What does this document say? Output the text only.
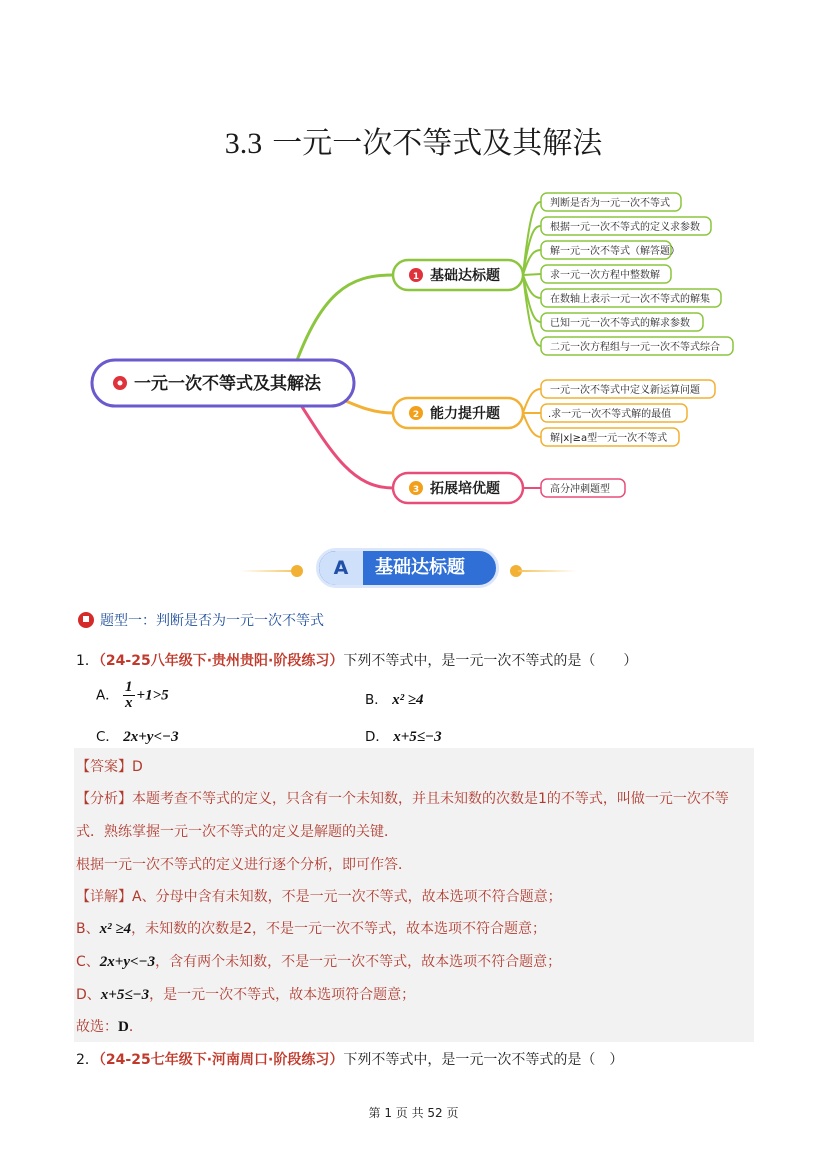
3.3 一元一次不等式及其解法
一元一次不等式及其解法
1 基础达标题
2 能力提升题
3 拓展培优题
判断是否为一元一次不等式
根据一元一次不等式的定义求参数
解一元一次不等式（解答题）
求一元一次方程中整数解
在数轴上表示一元一次不等式的解集
已知一元一次不等式的解求参数
二元一次方程组与一元一次不等式综合
一元一次不等式中定义新运算问题
.求一元一次不等式解的最值
解|x|≥a型一元一次不等式
高分冲刺题型
A	基础达标题
题型一：判断是否为一元一次不等式
1．（24-25八年级下·贵州贵阳·阶段练习）下列不等式中，是一元一次不等式的是（　　）
A． $\frac{1}{x} +1>5$	B． x² ≥4
C． 2x+y<−3	D． x+5≤−3
【答案】D
【分析】本题考查不等式的定义，只含有一个未知数，并且未知数的次数是1的不等式，叫做一元一次不等
式．熟练掌握一元一次不等式的定义是解题的关键．
根据一元一次不等式的定义进行逐个分析，即可作答．
【详解】A、分母中含有未知数，不是一元一次不等式，故本选项不符合题意；
B、x² ≥4，未知数的次数是2，不是一元一次不等式，故本选项不符合题意；
C、2x+y<−3，含有两个未知数，不是一元一次不等式，故本选项不符合题意；
D、x+5≤−3，是一元一次不等式，故本选项符合题意；
故选：D．
2．（24-25七年级下·河南周口·阶段练习）下列不等式中，是一元一次不等式的是（　）
第 1 页 共 52 页
